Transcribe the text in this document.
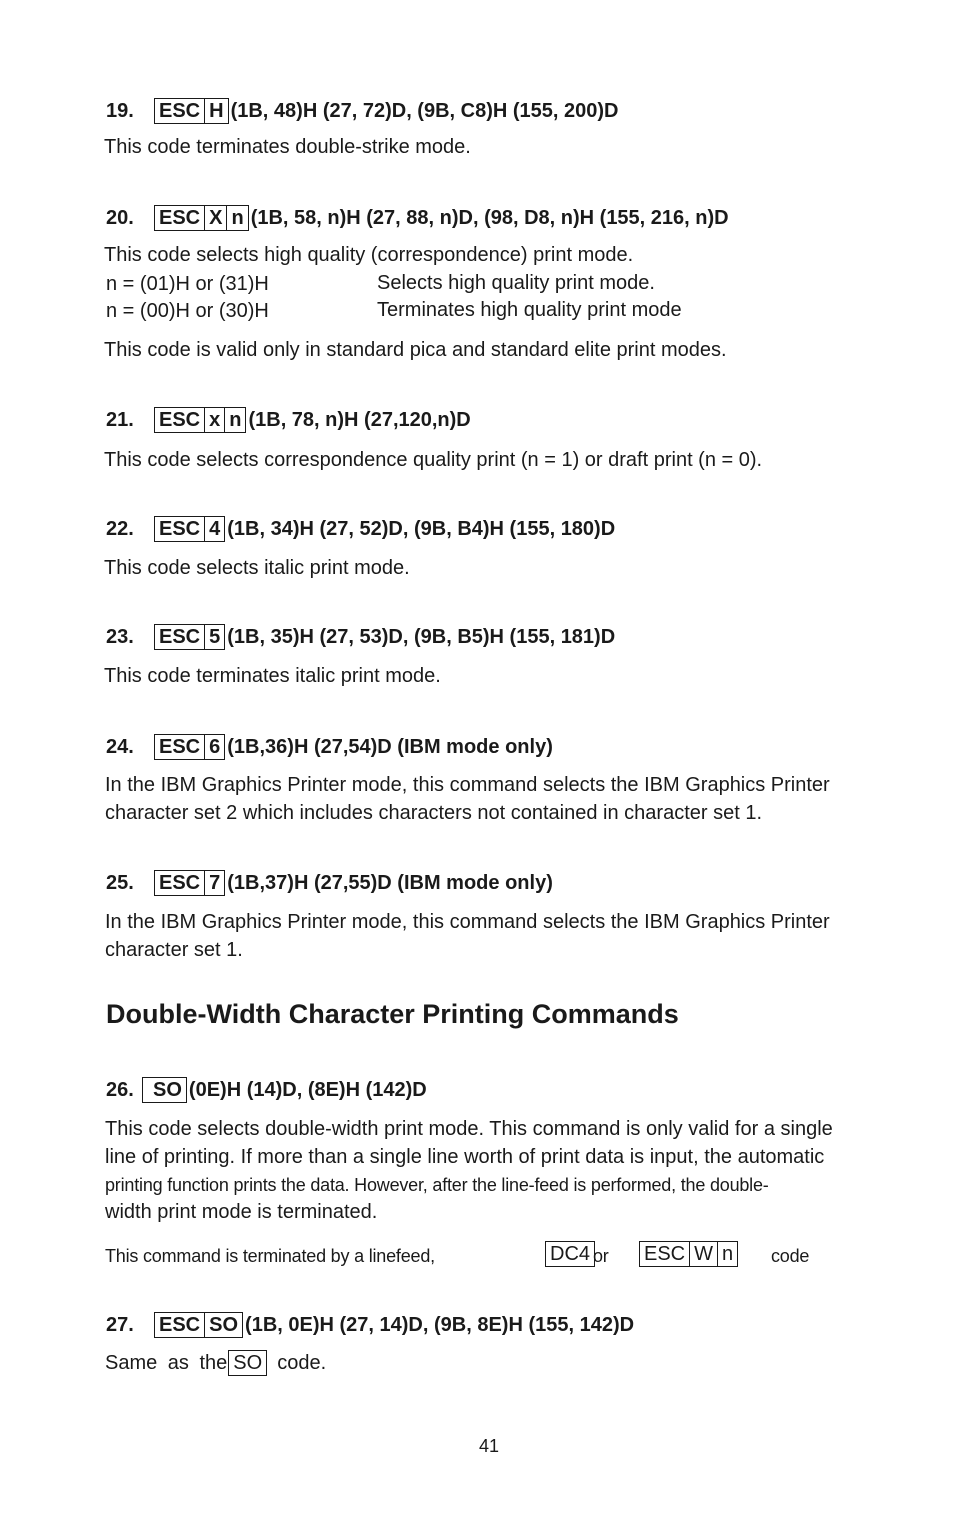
19.	ESC H (1B, 48)H (27, 72)D, (9B, C8)H (155, 200)D
This code terminates double-strike mode.
20.	ESC X n (1B, 58, n)H (27, 88, n)D, (98, D8, n)H (155, 216, n)D
This code selects high quality (correspondence) print mode.
n = (01)H or (31)H	Selects high quality print mode.
n = (00)H or (30)H	Terminates high quality print mode
This code is valid only in standard pica and standard elite print modes.
21.	ESC x n (1B, 78, n)H (27,120,n)D
This code selects correspondence quality print (n = 1) or draft print (n = 0).
22.	ESC 4 (1B, 34)H (27, 52)D, (9B, B4)H (155, 180)D
This code selects italic print mode.
23.	ESC 5 (1B, 35)H (27, 53)D, (9B, B5)H (155, 181)D
This code terminates italic print mode.
24.	ESC 6 (1B,36)H (27,54)D (IBM mode only)
In the IBM Graphics Printer mode, this command selects the IBM Graphics Printer
character set 2 which includes characters not contained in character set 1.
25.	ESC 7 (1B,37)H (27,55)D (IBM mode only)
In the IBM Graphics Printer mode, this command selects the IBM Graphics Printer
character set 1.
Double-Width Character Printing Commands
26. SO (0E)H (14)D, (8E)H (142)D
This code selects double-width print mode. This command is only valid for a single
line of printing. If more than a single line worth of print data is input, the automatic
printing function prints the data. However, after the line-feed is performed, the double-
width print mode is terminated.
This command is terminated by a linefeed,	DC4 or ESC W n code
27.	ESC SO (1B, 0E)H (27, 14)D, (9B, 8E)H (155, 142)D
Same as the SO code.
41
